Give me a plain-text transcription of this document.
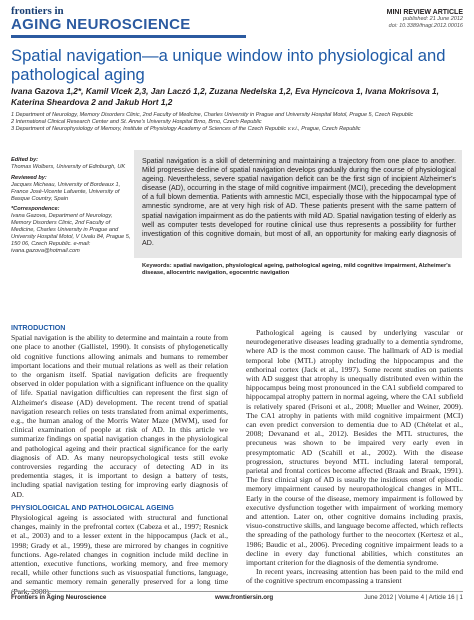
frontiers in
AGING NEUROSCIENCE
MINI REVIEW ARTICLE
published: 21 June 2012
doi: 10.3389/fnagi.2012.00016
Spatial navigation—a unique window into physiological and pathological aging
Ivana Gazova 1,2*, Kamil Vlcek 2,3, Jan Laczó 1,2, Zuzana Nedelska 1,2, Eva Hyncicova 1, Ivana Mokrisova 1, Katerina Sheardova 2 and Jakub Hort 1,2
1 Department of Neurology, Memory Disorders Clinic, 2nd Faculty of Medicine, Charles University in Prague and University Hospital Motol, Prague 5, Czech Republic
2 International Clinical Research Center and St. Anne's University Hospital Brno, Brno, Czech Republic
3 Department of Neurophysiology of Memory, Institute of Physiology Academy of Sciences of the Czech Republic v.v.i., Prague, Czech Republic

Edited by:
Thomas Wolbers, University of Edinburgh, UK

Reviewed by:
Jacques Micheau, University of Bordeaux 1, France José-Vicente Lafuente, University of Basque Country, Spain

*Correspondence:
Ivana Gazova, Department of Neurology, Memory Disorders Clinic, 2nd Faculty of Medicine, Charles University in Prague and University Hospital Motol, V Uvalu 84, Prague 5, 150 06, Czech Republic. e-mail: ivana.gazova@hotmail.com

Spatial navigation is a skill of determining and maintaining a trajectory from one place to another. Mild progressive decline of spatial navigation develops gradually during the course of physiological ageing. Nevertheless, severe spatial navigation deficit can be the first sign of incipient Alzheimer's disease (AD), occurring in the stage of mild cognitive impairment (MCI), preceding the development of a full blown dementia. Patients with amnestic MCI, especially those with the hippocampal type of amnestic syndrome, are at very high risk of AD. These patients present with the same pattern of spatial navigation impairment as do the patients with mild AD. Spatial navigation testing of elderly as well as computer tests developed for routine clinical use thus represents a possibility for further investigation of this cognitive domain, but most of all, an opportunity for making early diagnosis of AD.
Keywords: spatial navigation, physiological ageing, pathological ageing, mild cognitive impairment, Alzheimer's disease, allocentric navigation, egocentric navigation
INTRODUCTION

Spatial navigation is the ability to determine and maintain a route from one place to another (Gallistel, 1990). It consists of phylogenetically old cognitive functions allowing animals and humans to remember important locations and their mutual relations as well as their relation to the organism itself. Spatial navigation deficits are frequently observed in older population with a significant influence on the quality of life. Spatial navigation difficulties can represent the first sign of Alzheimer's disease (AD) development. The recent trend of spatial navigation research relies on tests translated from animal experiments, e.g., the human analog of the Morris Water Maze (MWM), used for clinical examination of people at risk of AD. In this article we summarize findings on spatial navigation changes in the physiological and pathological ageing and their practical significance for the early diagnosis of AD. As many neuropsychological tests still evoke controversies regarding the accuracy of detecting AD in its predementia stages, it is important to design a battery of tests, including spatial navigation testing for improving early diagnosis of AD.

PHYSIOLOGICAL AND PATHOLOGICAL AGEING

Physiological ageing is associated with structural and functional changes, mainly in the prefrontal cortex (Cabeza et al., 1997; Resnick et al., 2003) and to a lesser extent in the hippocampus (Jack et al., 1998; Grady et al., 1999), these are mirrored by changes in cognitive functions. Age-related changes in cognition include mild decline in attention, executive functions, working memory, and free memory recall, while other functions such as visuospatial functions, language, and semantic memory remain generally preserved for a long time

Pathological ageing is caused by underlying vascular or neurodegenerative diseases leading gradually to a dementia syndrome, where AD is the most common cause. The hallmark of AD is medial temporal lobe (MTL) atrophy including the hippocampus and the enthorinal cortex (Jack et al., 1997). Some recent studies on patients with AD suggest that atrophy is unequally distributed even within the hippocampus being most pronounced in the CA1 subfield compared to hippocampal atrophy pattern in normal ageing, where the CA1 subfield is relatively spared (Frisoni et al., 2008; Mueller and Weiner, 2009). The CA1 atrophy in patients with mild cognitive impairment (MCI) can even predict conversion to dementia due to AD (Chételat et al., 2008; Devanand et al., 2012). Besides the MTL structures, the precuneus was shown to be impaired very early even in presymptomatic AD (Scahill et al., 2002). With the disease progression, structures beyond MTL including lateral temporal, parietal and frontal cortices become affected (Braak and Braak, 1991). The first clinical sign of AD is usually the insidious onset of episodic memory impairment caused by neuropathological changes in MTL. Early in the course of the disease, memory impairment is followed by executive dysfunction together with impairment of working memory and attention. Later on, other cognitive domains including praxis, visuo-constructive skills, and language become affected, which reflects the spreading of the pathology further to the neocortex (Kertesz et al., 1986; Baudic et al., 2006). Preceding cognitive impairment leads to a decline in every day functional abilities, which constitutes an important criterion for the diagnosis of the dementia syndrome.

In recent years, increasing attention has been paid to the mild end of the cognitive spectrum encompassing a transient

Frontiers in Aging Neuroscience	www.frontiersin.org	June 2012 | Volume 4 | Article 16 | 1
